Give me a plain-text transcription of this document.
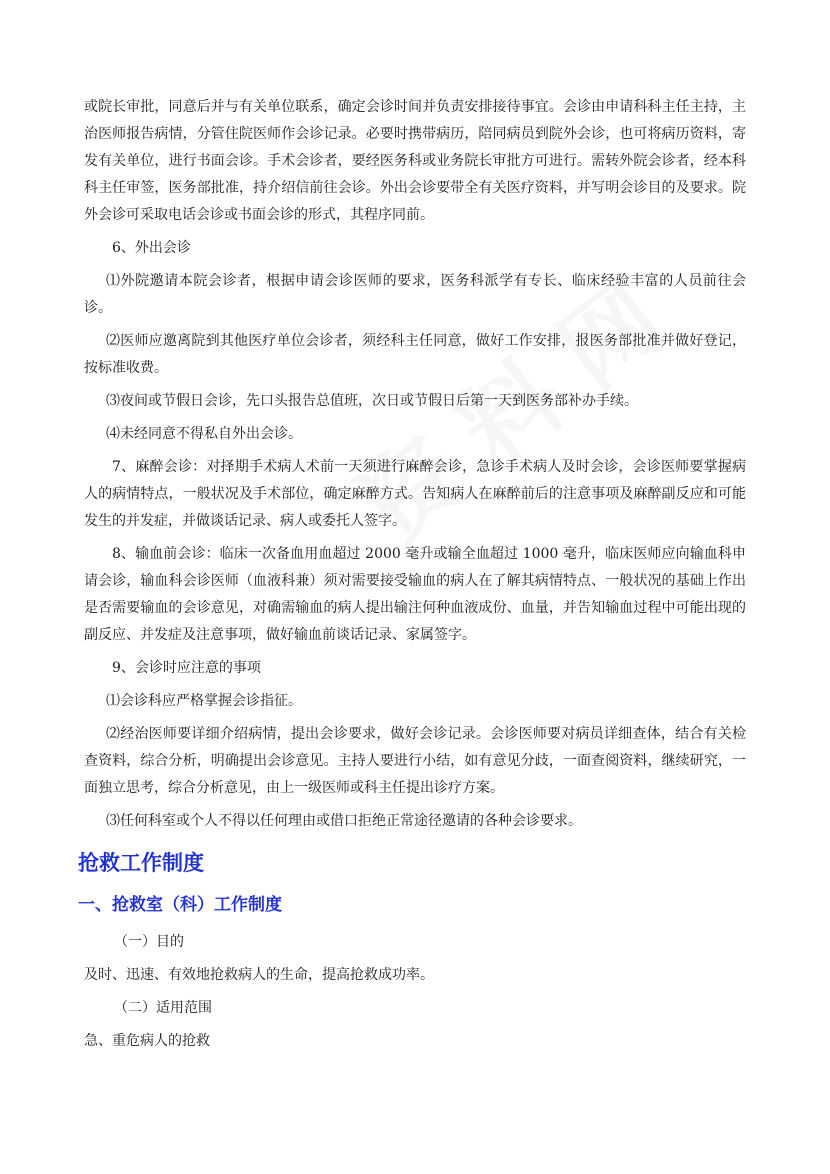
或院长审批，同意后并与有关单位联系，确定会诊时间并负责安排接待事宜。会诊由申请科科主任主持，主治医师报告病情，分管住院医师作会诊记录。必要时携带病历，陪同病员到院外会诊，也可将病历资料，寄发有关单位，进行书面会诊。手术会诊者，要经医务科或业务院长审批方可进行。需转外院会诊者，经本科科主任审签，医务部批准，持介绍信前往会诊。外出会诊要带全有关医疗资料，并写明会诊目的及要求。院外会诊可采取电话会诊或书面会诊的形式，其程序同前。

6、外出会诊

⑴外院邀请本院会诊者，根据申请会诊医师的要求，医务科派学有专长、临床经验丰富的人员前往会诊。

⑵医师应邀离院到其他医疗单位会诊者，须经科主任同意，做好工作安排，报医务部批准并做好登记，按标准收费。

⑶夜间或节假日会诊，先口头报告总值班，次日或节假日后第一天到医务部补办手续。

⑷未经同意不得私自外出会诊。

7、麻醉会诊：对择期手术病人术前一天须进行麻醉会诊，急诊手术病人及时会诊，会诊医师要掌握病人的病情特点，一般状况及手术部位，确定麻醉方式。告知病人在麻醉前后的注意事项及麻醉副反应和可能发生的并发症，并做谈话记录、病人或委托人签字。

8、输血前会诊：临床一次备血用血超过 2000 毫升或输全血超过 1000 毫升，临床医师应向输血科申请会诊，输血科会诊医师（血液科兼）须对需要接受输血的病人在了解其病情特点、一般状况的基础上作出是否需要输血的会诊意见，对确需输血的病人提出输注何种血液成份、血量，并告知输血过程中可能出现的副反应、并发症及注意事项，做好输血前谈话记录、家属签字。

9、会诊时应注意的事项

⑴会诊科应严格掌握会诊指征。

⑵经治医师要详细介绍病情，提出会诊要求，做好会诊记录。会诊医师要对病员详细查体，结合有关检查资料，综合分析，明确提出会诊意见。主持人要进行小结，如有意见分歧，一面查阅资料，继续研究，一面独立思考，综合分析意见，由上一级医师或科主任提出诊疗方案。

⑶任何科室或个人不得以任何理由或借口拒绝正常途径邀请的各种会诊要求。

抢救工作制度
一、抢救室（科）工作制度

（一）目的

及时、迅速、有效地抢救病人的生命，提高抢救成功率。

（二）适用范围

急、重危病人的抢救
